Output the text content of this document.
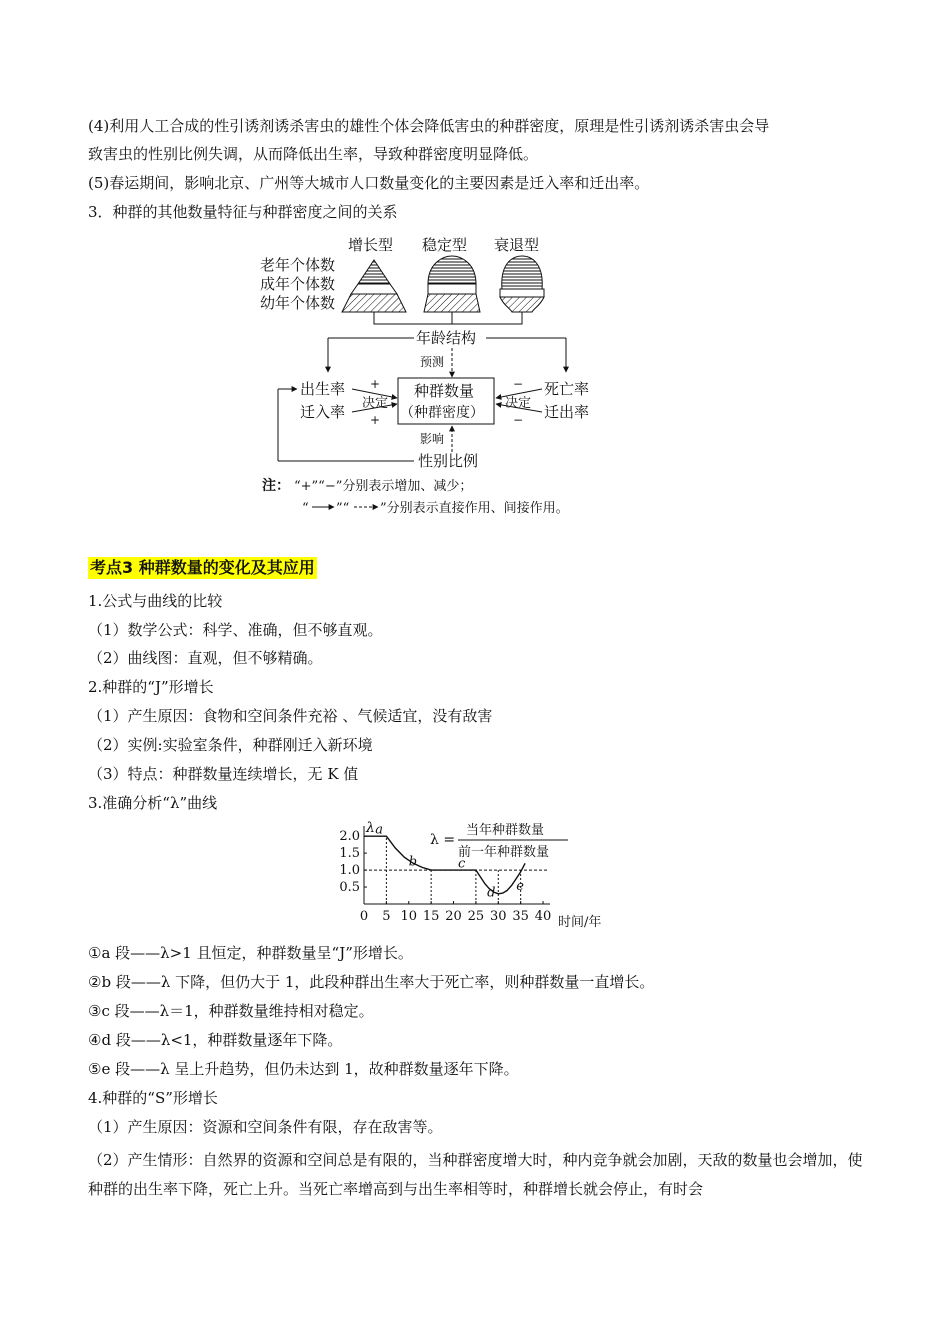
(4)利用人工合成的性引诱剂诱杀害虫的雄性个体会降低害虫的种群密度，原理是性引诱剂诱杀害虫会导
致害虫的性别比例失调，从而降低出生率，导致种群密度明显降低。
(5)春运期间，影响北京、广州等大城市人口数量变化的主要因素是迁入率和迁出率。
3．种群的其他数量特征与种群密度之间的关系
增长型 稳定型 衰退型
老年个体数
成年个体数
幼年个体数
年龄结构
预测
出生率
迁入率
+
决定
+
种群数量
（种群密度）
死亡率
迁出率
−
决定
−
影响
性别比例
注： “+”“−”分别表示增加、减少；
“ ”“ ”分别表示直接作用、间接作用。
考点3 种群数量的变化及其应用
1.公式与曲线的比较
（1）数学公式：科学、准确，但不够直观。
（2）曲线图：直观，但不够精确。
2.种群的“J”形增长
（1）产生原因：食物和空间条件充裕 、气候适宜，没有敌害
（2）实例:实验室条件，种群刚迁入新环境
（3）特点：种群数量连续增长，无 K 值
3.准确分析“λ”曲线
λ
λ =
当年种群数量
前一年种群数量
0 5 10 15 20 25 30 35 40
0.5
1.0
1.5
2.0 a
b	c
d e
时间/年
①a 段——λ>1 且恒定，种群数量呈“J”形增长。
②b 段——λ 下降，但仍大于 1，此段种群出生率大于死亡率，则种群数量一直增长。
③c 段——λ＝1，种群数量维持相对稳定。
④d 段——λ<1，种群数量逐年下降。
⑤e 段——λ 呈上升趋势，但仍未达到 1，故种群数量逐年下降。
4.种群的“S”形增长
（1）产生原因：资源和空间条件有限，存在敌害等。
（2）产生情形：自然界的资源和空间总是有限的，当种群密度增大时，种内竞争就会加剧，天敌的数量也会增加，使种群的出生率下降，死亡上升。当死亡率增高到与出生率相等时，种群增长就会停止，有时会
